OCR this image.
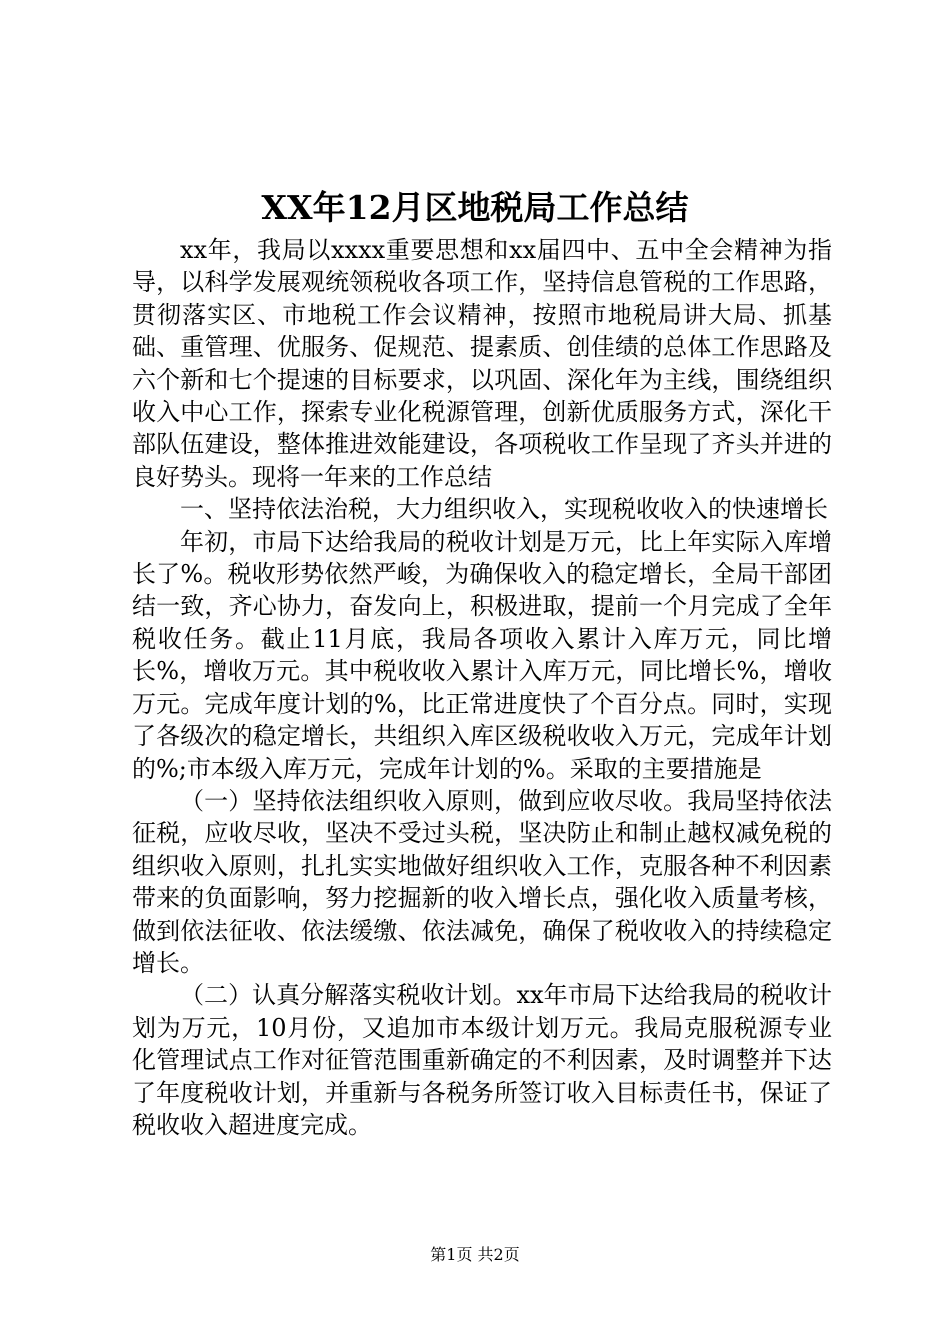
XX年12月区地税局工作总结

xx年，我局以xxxx重要思想和xx届四中、五中全会精神为指导，以科学发展观统领税收各项工作，坚持信息管税的工作思路，贯彻落实区、市地税工作会议精神，按照市地税局讲大局、抓基础、重管理、优服务、促规范、提素质、创佳绩的总体工作思路及六个新和七个提速的目标要求，以巩固、深化年为主线，围绕组织收入中心工作，探索专业化税源管理，创新优质服务方式，深化干部队伍建设，整体推进效能建设，各项税收工作呈现了齐头并进的良好势头。现将一年来的工作总结

一、坚持依法治税，大力组织收入，实现税收收入的快速增长

年初，市局下达给我局的税收计划是万元，比上年实际入库增长了%。税收形势依然严峻，为确保收入的稳定增长，全局干部团结一致，齐心协力，奋发向上，积极进取，提前一个月完成了全年税收任务。截止11月底，我局各项收入累计入库万元，同比增长%，增收万元。其中税收收入累计入库万元，同比增长%，增收万元。完成年度计划的%，比正常进度快了个百分点。同时，实现了各级次的稳定增长，共组织入库区级税收收入万元，完成年计划的%;市本级入库万元，完成年计划的%。采取的主要措施是

（一）坚持依法组织收入原则，做到应收尽收。我局坚持依法征税，应收尽收，坚决不受过头税，坚决防止和制止越权减免税的组织收入原则，扎扎实实地做好组织收入工作，克服各种不利因素带来的负面影响，努力挖掘新的收入增长点，强化收入质量考核，做到依法征收、依法缓缴、依法减免，确保了税收收入的持续稳定增长。

（二）认真分解落实税收计划。xx年市局下达给我局的税收计划为万元，10月份，又追加市本级计划万元。我局克服税源专业化管理试点工作对征管范围重新确定的不利因素，及时调整并下达了年度税收计划，并重新与各税务所签订收入目标责任书，保证了税收收入超进度完成。

第1页 共2页
